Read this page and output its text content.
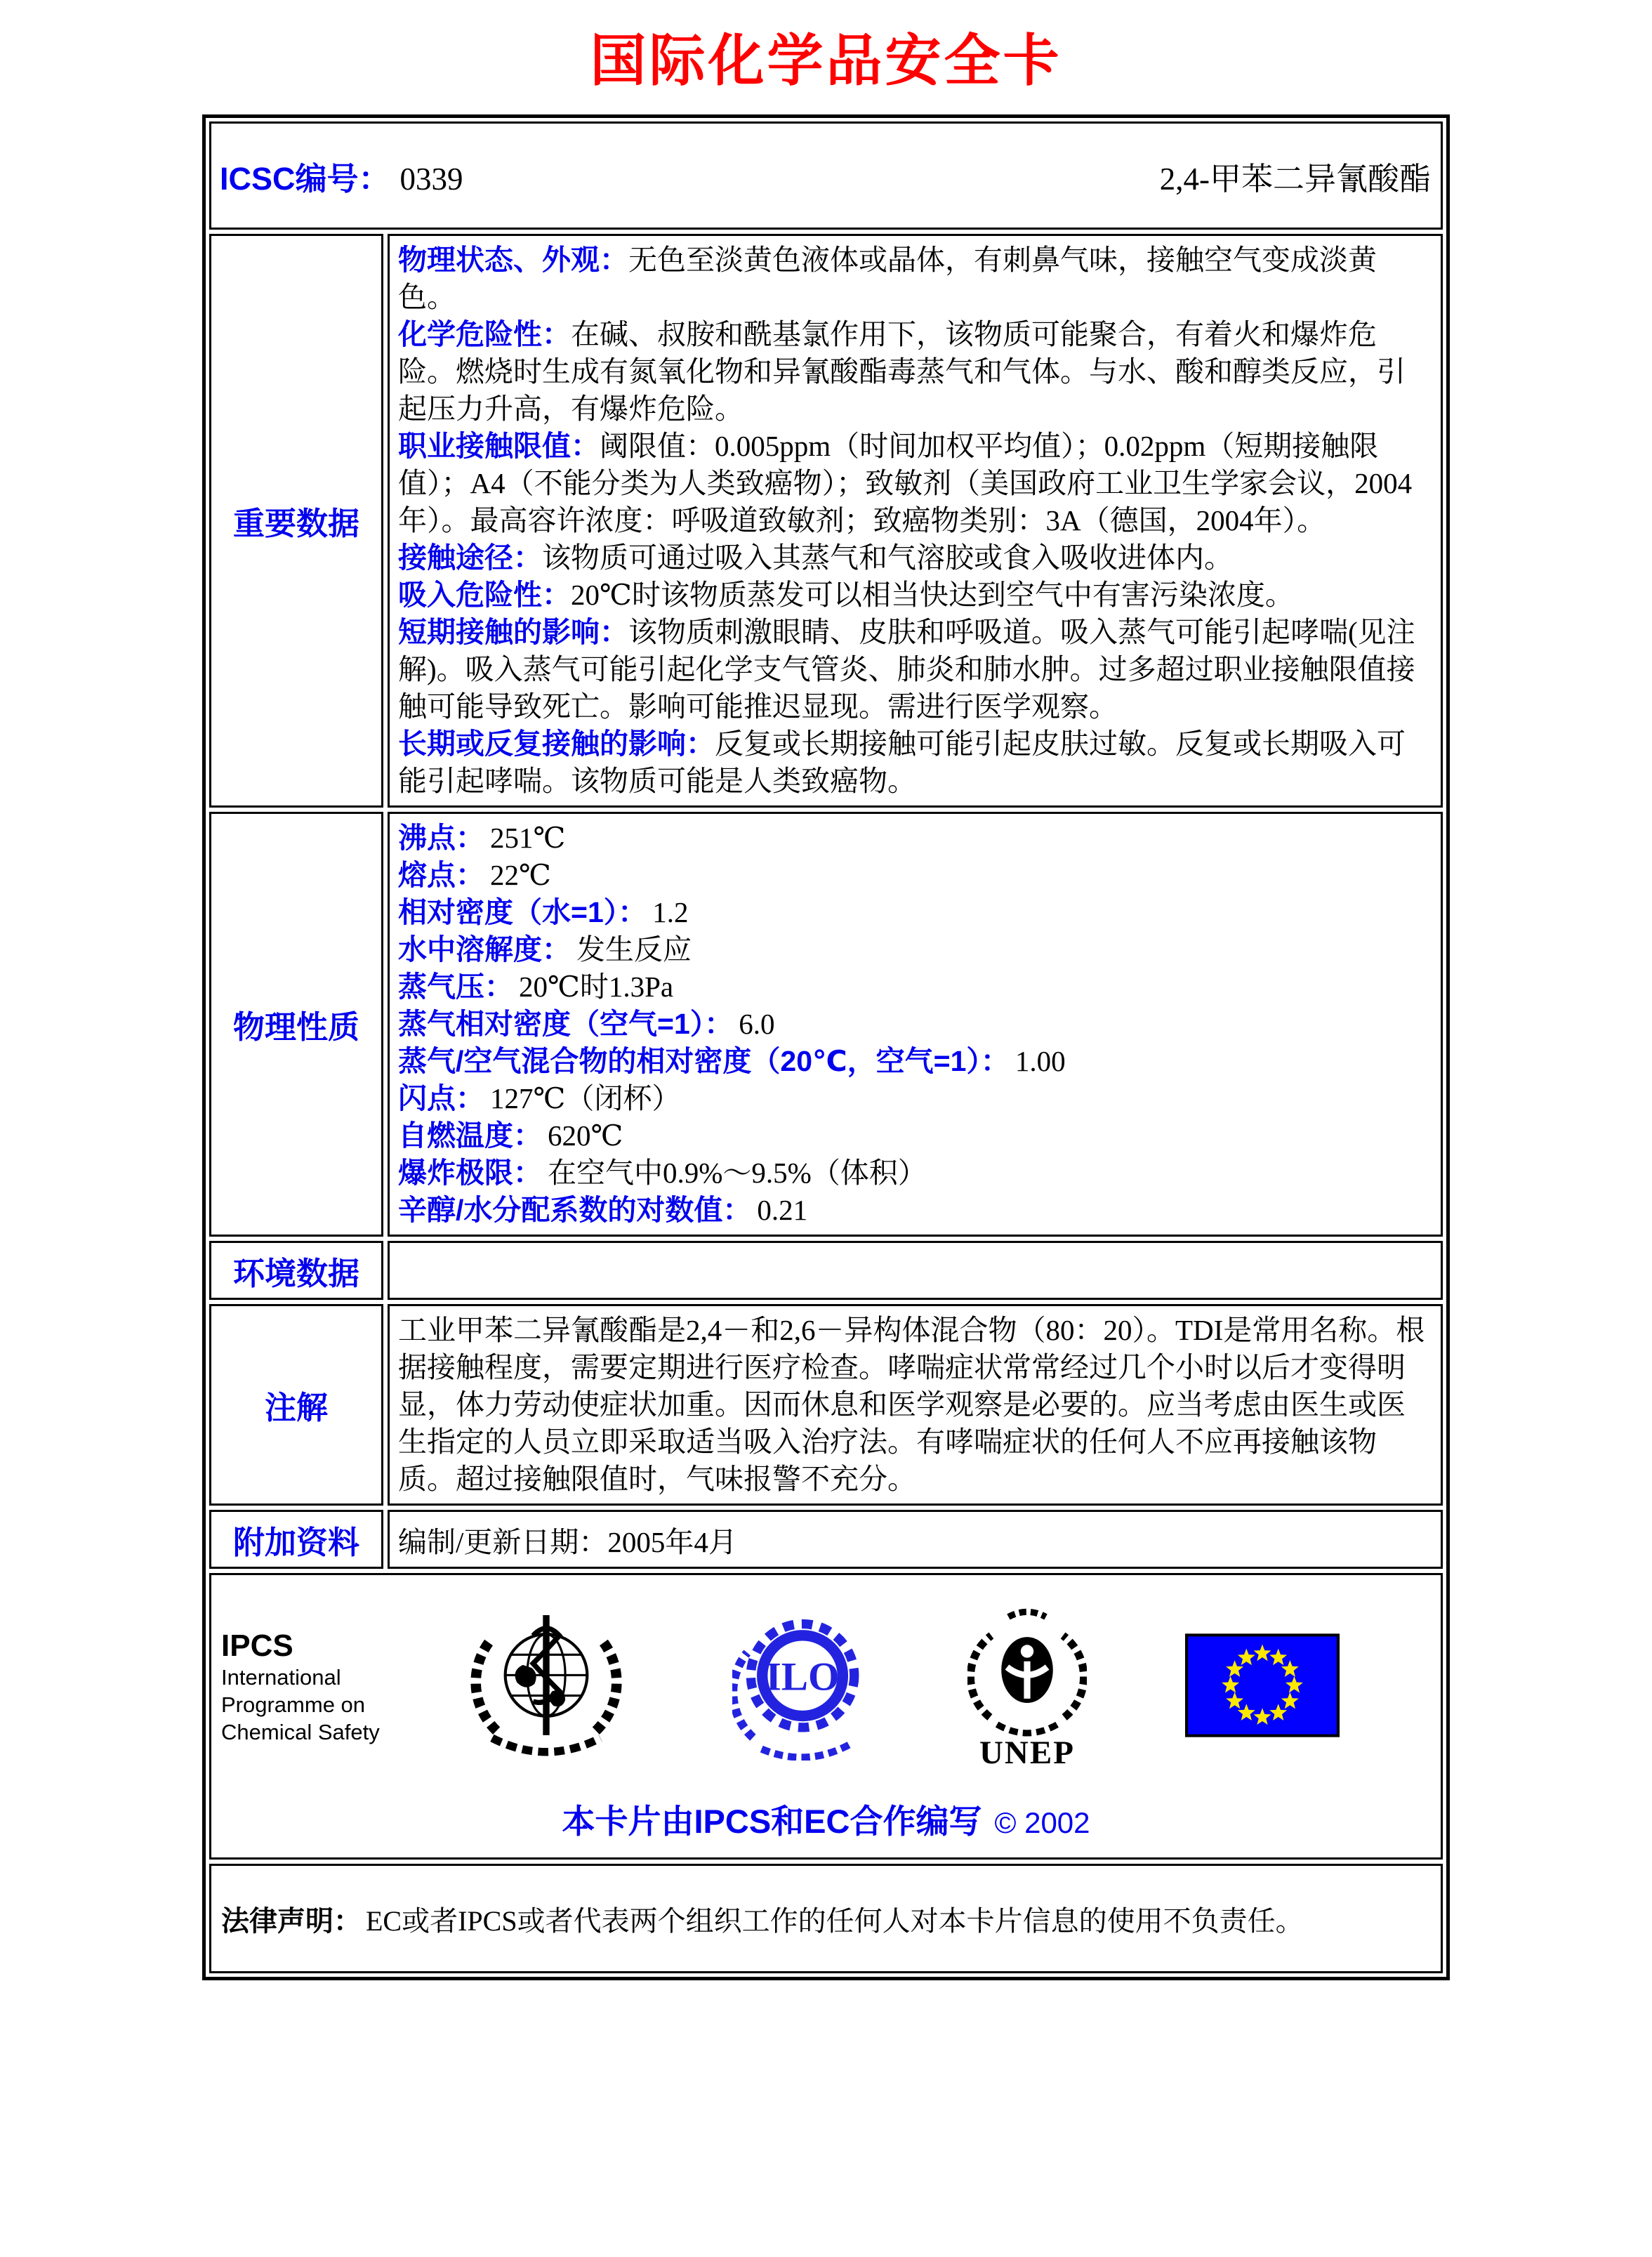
国际化学品安全卡
ICSC编号： 0339	2,4-甲苯二异氰酸酯
重要数据

物理状态、外观：无色至淡黄色液体或晶体，有刺鼻气味，接触空气变成淡黄色。

化学危险性：在碱、叔胺和酰基氯作用下，该物质可能聚合，有着火和爆炸危险。燃烧时生成有氮氧化物和异氰酸酯毒蒸气和气体。与水、酸和醇类反应，引起压力升高，有爆炸危险。

职业接触限值：阈限值：0.005ppm（时间加权平均值）；0.02ppm（短期接触限值）；A4（不能分类为人类致癌物）；致敏剂（美国政府工业卫生学家会议，2004年）。最高容许浓度：呼吸道致敏剂；致癌物类别：3A（德国，2004年）。

接触途径：该物质可通过吸入其蒸气和气溶胶或食入吸收进体内。

吸入危险性：20℃时该物质蒸发可以相当快达到空气中有害污染浓度。

短期接触的影响：该物质刺激眼睛、皮肤和呼吸道。吸入蒸气可能引起哮喘(见注解)。吸入蒸气可能引起化学支气管炎、肺炎和肺水肿。过多超过职业接触限值接触可能导致死亡。影响可能推迟显现。需进行医学观察。

长期或反复接触的影响：反复或长期接触可能引起皮肤过敏。反复或长期吸入可能引起哮喘。该物质可能是人类致癌物。

物理性质
沸点： 251℃
熔点： 22℃
相对密度（水=1）： 1.2
水中溶解度： 发生反应
蒸气压： 20℃时1.3Pa
蒸气相对密度（空气=1）： 6.0
蒸气/空气混合物的相对密度（20℃，空气=1）： 1.00
闪点： 127℃（闭杯）
自燃温度： 620℃
爆炸极限： 在空气中0.9%～9.5%（体积）
辛醇/水分配系数的对数值： 0.21
环境数据
注解

工业甲苯二异氰酸酯是2,4－和2,6－异构体混合物（80：20）。TDI是常用名称。根据接触程度，需要定期进行医疗检查。哮喘症状常常经过几个小时以后才变得明显，体力劳动使症状加重。因而休息和医学观察是必要的。应当考虑由医生或医生指定的人员立即采取适当吸入治疗法。有哮喘症状的任何人不应再接触该物质。超过接触限值时，气味报警不充分。

附加资料	编制/更新日期：2005年4月
IPCS
International
Programme on
Chemical Safety
ILO
UNEP
本卡片由IPCS和EC合作编写 © 2002
法律声明： EC或者IPCS或者代表两个组织工作的任何人对本卡片信息的使用不负责任。
